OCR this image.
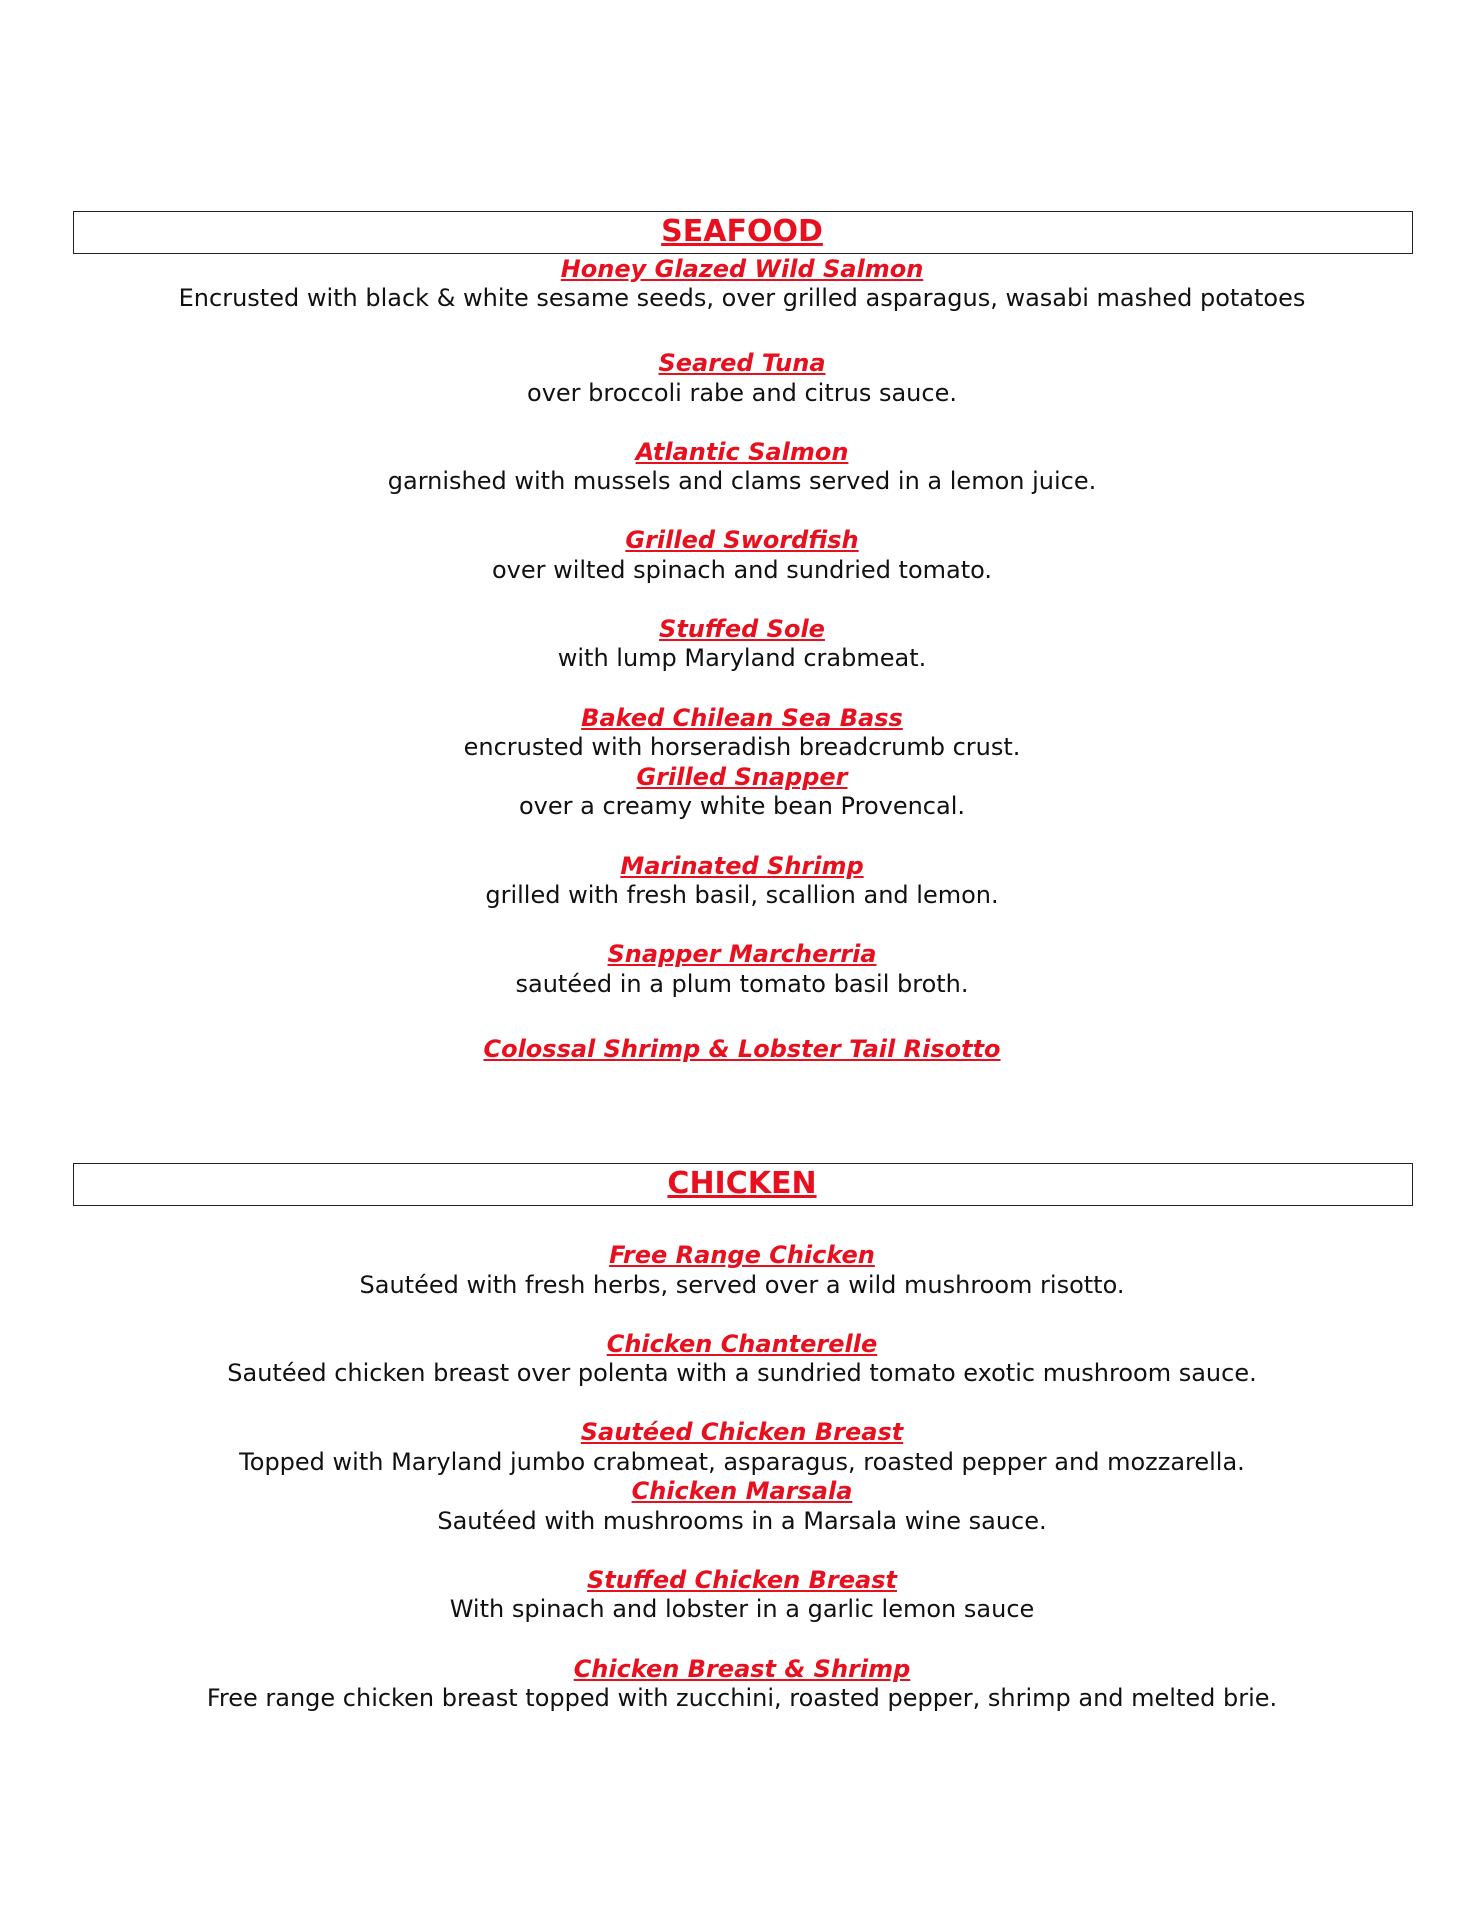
SEAFOOD
Honey Glazed Wild Salmon
Encrusted with black & white sesame seeds, over grilled asparagus, wasabi mashed potatoes
Seared Tuna
over broccoli rabe and citrus sauce.
Atlantic Salmon
garnished with mussels and clams served in a lemon juice.
Grilled Swordfish
over wilted spinach and sundried tomato.
Stuffed Sole
with lump Maryland crabmeat.
Baked Chilean Sea Bass
encrusted with horseradish breadcrumb crust.
Grilled Snapper
over a creamy white bean Provencal.
Marinated Shrimp
grilled with fresh basil, scallion and lemon.
Snapper Marcherria
sautéed in a plum tomato basil broth.
Colossal Shrimp & Lobster Tail Risotto
CHICKEN
Free Range Chicken
Sautéed with fresh herbs, served over a wild mushroom risotto.
Chicken Chanterelle
Sautéed chicken breast over polenta with a sundried tomato exotic mushroom sauce.
Sautéed Chicken Breast
Topped with Maryland jumbo crabmeat, asparagus, roasted pepper and mozzarella.
Chicken Marsala
Sautéed with mushrooms in a Marsala wine sauce.
Stuffed Chicken Breast
With spinach and lobster in a garlic lemon sauce
Chicken Breast & Shrimp
Free range chicken breast topped with zucchini, roasted pepper, shrimp and melted brie.
